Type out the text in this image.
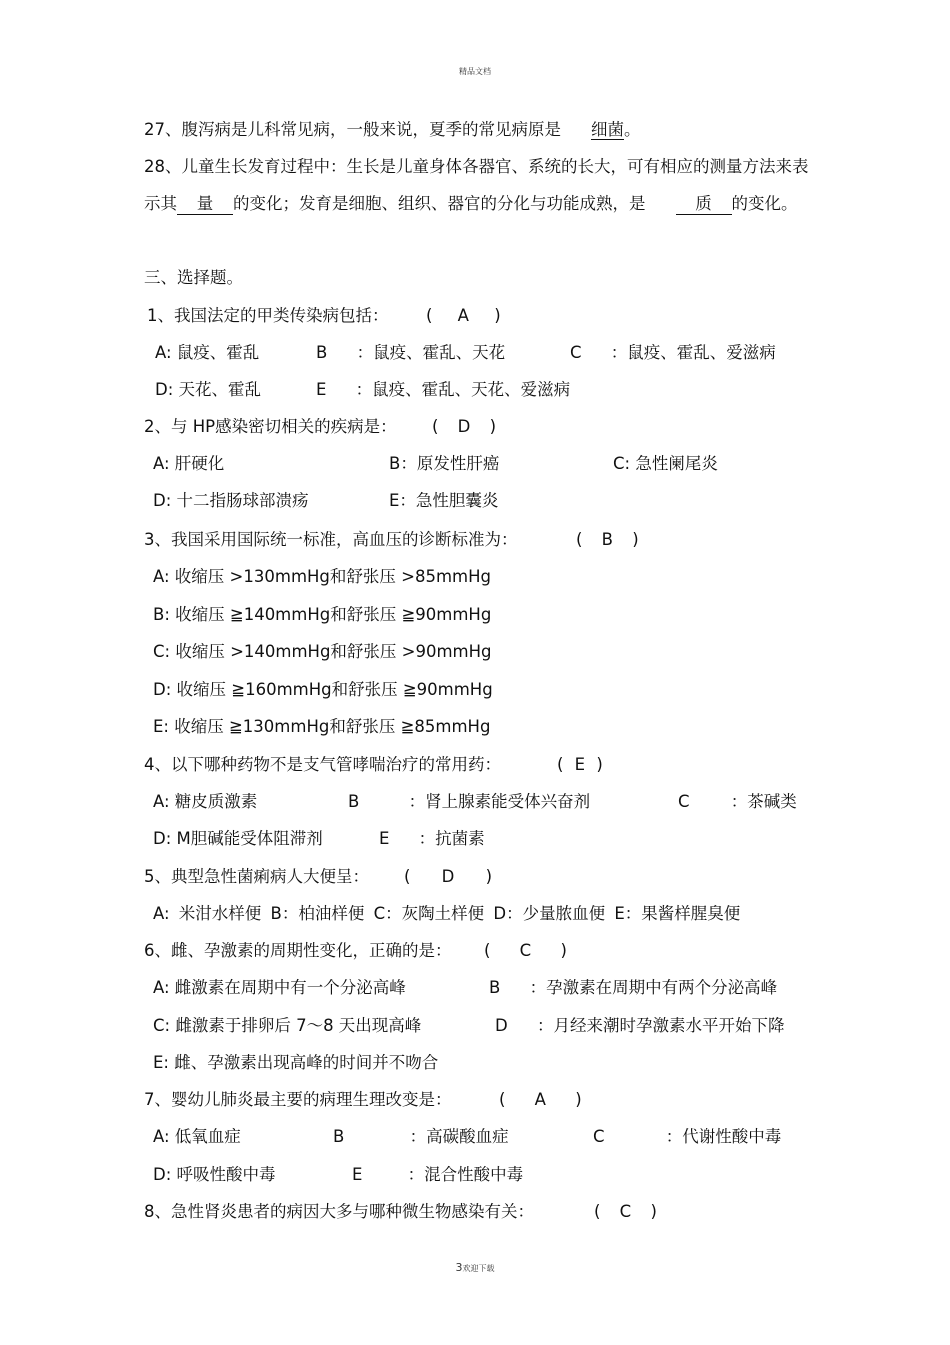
精品文档
27、腹泻病是儿科常见病，一般来说，夏季的常见病原是 细菌。
28、儿童生长发育过程中：生长是儿童身体各器官、系统的长大，可有相应的测量方法来表
示其 量 的变化；发育是细胞、组织、器官的分化与功能成熟，是	质 的变化。
三、选择题。
1、我国法定的甲类传染病包括： ( A )
A: 鼠疫、霍乱	B ：鼠疫、霍乱、天花	C ：鼠疫、霍乱、爱滋病
D: 天花、霍乱	E ：鼠疫、霍乱、天花、爱滋病
2、与 HP感染密切相关的疾病是： ( D )
A: 肝硬化	B：原发性肝癌	C: 急性阑尾炎
D: 十二指肠球部溃疡	E：急性胆囊炎
3、我国采用国际统一标准，高血压的诊断标准为：	( B )
A: 收缩压 >130mmHg和舒张压 >85mmHg
B: 收缩压 ≧140mmHg和舒张压 ≧90mmHg
C: 收缩压 >140mmHg和舒张压 >90mmHg
D: 收缩压 ≧160mmHg和舒张压 ≧90mmHg
E: 收缩压 ≧130mmHg和舒张压 ≧85mmHg
4、以下哪种药物不是支气管哮喘治疗的常用药：	( E )
A: 糖皮质激素	B ：肾上腺素能受体兴奋剂	C ：茶碱类
D: M胆碱能受体阻滞剂	E ：抗菌素
5、典型急性菌痢病人大便呈： ( D )
A: 米泔水样便 B：柏油样便 C：灰陶土样便 D：少量脓血便 E：果酱样腥臭便
6、雌、孕激素的周期性变化，正确的是： ( C )
A: 雌激素在周期中有一个分泌高峰	B ：孕激素在周期中有两个分泌高峰
C: 雌激素于排卵后 7～8 天出现高峰	D ：月经来潮时孕激素水平开始下降
E: 雌、孕激素出现高峰的时间并不吻合
7、婴幼儿肺炎最主要的病理生理改变是：	( A )
A: 低氧血症	B ：高碳酸血症	C ：代谢性酸中毒
D: 呼吸性酸中毒	E ：混合性酸中毒
8、急性肾炎患者的病因大多与哪种微生物感染有关：	( C )
3欢迎下载
